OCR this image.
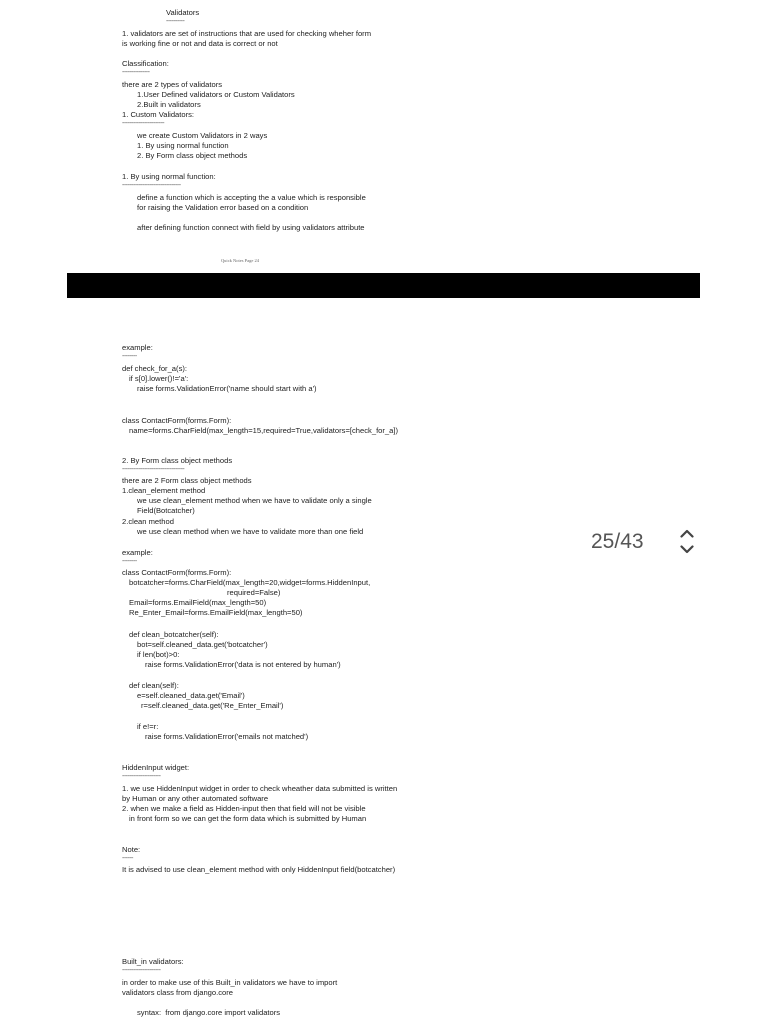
Validators
----------
1. validators are set of instructions that are used for checking wheher form
is working fine or not and data is correct or not
Classification:
---------------
there are 2 types of validators
1.User Defined validators or Custom Validators
2.Built in validators
1. Custom Validators:
-----------------------
we create Custom Validators in 2 ways
1. By using normal function
2. By Form class object methods
1. By using normal function:
--------------------------------
define a function which is accepting the a value which is responsible
for raising the Validation error based on a condition
after defining function connect with field by using validators attribute
Quick Notes Page 24
example:
--------
def check_for_a(s):
if s[0].lower()!='a':
raise forms.ValidationError('name should start with a')
class ContactForm(forms.Form):
name=forms.CharField(max_length=15,required=True,validators=[check_for_a])
2. By Form class object methods
----------------------------------
there are 2 Form class object methods
1.clean_element method
we use clean_element method when we have to validate only a single
Field(Botcatcher)
2.clean method
we use clean method when we have to validate more than one field
example:
--------
class ContactForm(forms.Form):
botcatcher=forms.CharField(max_length=20,widget=forms.HiddenInput,
required=False)
Email=forms.EmailField(max_length=50)
Re_Enter_Email=forms.EmailField(max_length=50)
def clean_botcatcher(self):
bot=self.cleaned_data.get('botcatcher')
if len(bot)>0:
raise forms.ValidationError('data is not entered by human')
def clean(self):
e=self.cleaned_data.get('Email')
r=self.cleaned_data.get('Re_Enter_Email')
if e!=r:
raise forms.ValidationError('emails not matched')
HiddenInput widget:
---------------------
1. we use HiddenInput widget in order to check wheather data submitted is written
by Human or any other automated software
2. when we make a field as Hidden-input then that field will not be visible
in front form so we can get the form data which is submitted by Human
Note:
------
It is advised to use clean_element method with only HiddenInput field(botcatcher)
Built_in validators:
---------------------
in order to make use of this Built_in validators we have to import
validators class from django.core
syntax:  from django.core import validators
25/43
